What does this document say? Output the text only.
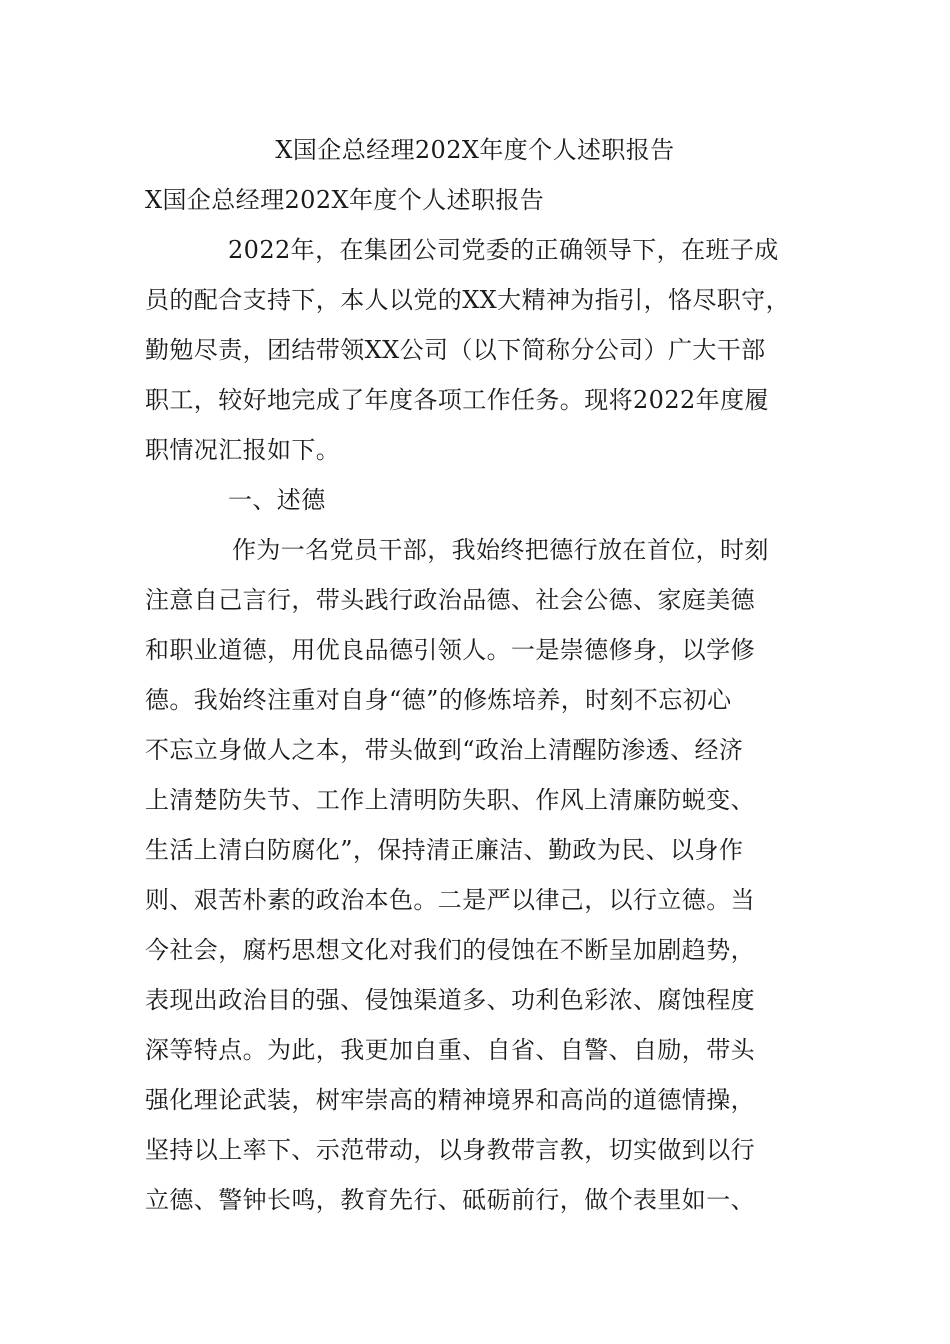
X国企总经理202X年度个人述职报告
X国企总经理202X年度个人述职报告
2022年，在集团公司党委的正确领导下，在班子成
员的配合支持下，本人以党的XX大精神为指引，恪尽职守，
勤勉尽责，团结带领XX公司（以下简称分公司）广大干部
职工，较好地完成了年度各项工作任务。现将2022年度履
职情况汇报如下。
一、述德
作为一名党员干部，我始终把德行放在首位，时刻
注意自己言行，带头践行政治品德、社会公德、家庭美德
和职业道德，用优良品德引领人。一是崇德修身，以学修
德。我始终注重对自身“德”的修炼培养，时刻不忘初心
不忘立身做人之本，带头做到“政治上清醒防渗透、经济
上清楚防失节、工作上清明防失职、作风上清廉防蜕变、
生活上清白防腐化”，保持清正廉洁、勤政为民、以身作
则、艰苦朴素的政治本色。二是严以律己，以行立德。当
今社会，腐朽思想文化对我们的侵蚀在不断呈加剧趋势，
表现出政治目的强、侵蚀渠道多、功利色彩浓、腐蚀程度
深等特点。为此，我更加自重、自省、自警、自励，带头
强化理论武装，树牢崇高的精神境界和高尚的道德情操，
坚持以上率下、示范带动，以身教带言教，切实做到以行
立德、警钟长鸣，教育先行、砥砺前行，做个表里如一、
